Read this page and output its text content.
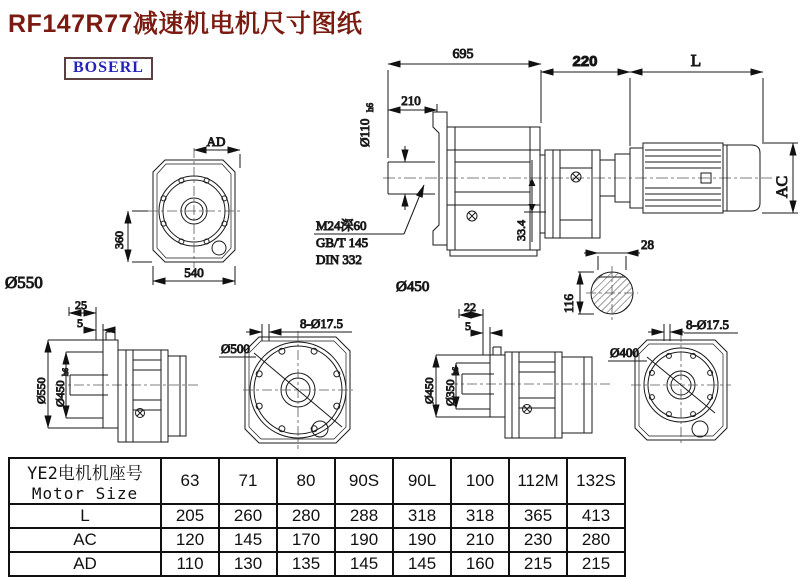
RF147R77减速机电机尺寸图纸
BOSERL
695
210
220	L
Ø110
h6
M24深60
GB/T 145
DIN 332
33.4
AC
28
116
AD
360
540
Ø550
25
5
Ø550 Ø450
h6
Ø500
8-Ø17.5
22
5
Ø450 Ø350
h6
Ø450
Ø400
8-Ø17.5
YE2电机机座号
Motor Size	63	71	80	90S	90L	100	112M	132S
L	205	260	280	288	318	318	365	413
AC	120	145	170	190	190	210	230	280
AD	110	130	135	145	145	160	215	215
